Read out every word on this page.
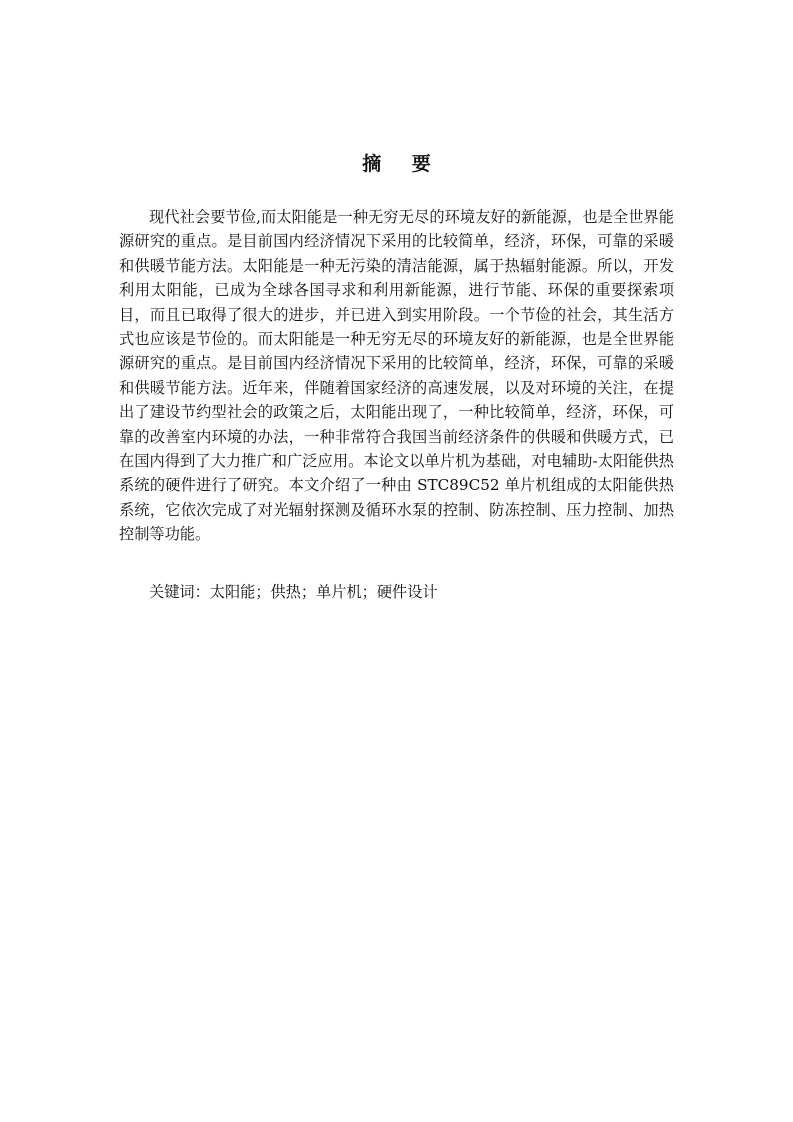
摘 要

现代社会要节俭,而太阳能是一种无穷无尽的环境友好的新能源，也是全世界能源研究的重点。是目前国内经济情况下采用的比较简单，经济，环保，可靠的采暖和供暖节能方法。太阳能是一种无污染的清洁能源，属于热辐射能源。所以，开发利用太阳能，已成为全球各国寻求和利用新能源，进行节能、环保的重要探索项目，而且已取得了很大的进步，并已进入到实用阶段。一个节俭的社会，其生活方式也应该是节俭的。而太阳能是一种无穷无尽的环境友好的新能源，也是全世界能源研究的重点。是目前国内经济情况下采用的比较简单，经济，环保，可靠的采暖和供暖节能方法。近年来，伴随着国家经济的高速发展，以及对环境的关注，在提出了建设节约型社会的政策之后，太阳能出现了，一种比较简单，经济，环保，可靠的改善室内环境的办法，一种非常符合我国当前经济条件的供暖和供暖方式，已在国内得到了大力推广和广泛应用。本论文以单片机为基础，对电辅助-太阳能供热系统的硬件进行了研究。本文介绍了一种由 STC89C52 单片机组成的太阳能供热系统，它依次完成了对光辐射探测及循环水泵的控制、防冻控制、压力控制、加热控制等功能。

关键词：太阳能；供热；单片机；硬件设计
